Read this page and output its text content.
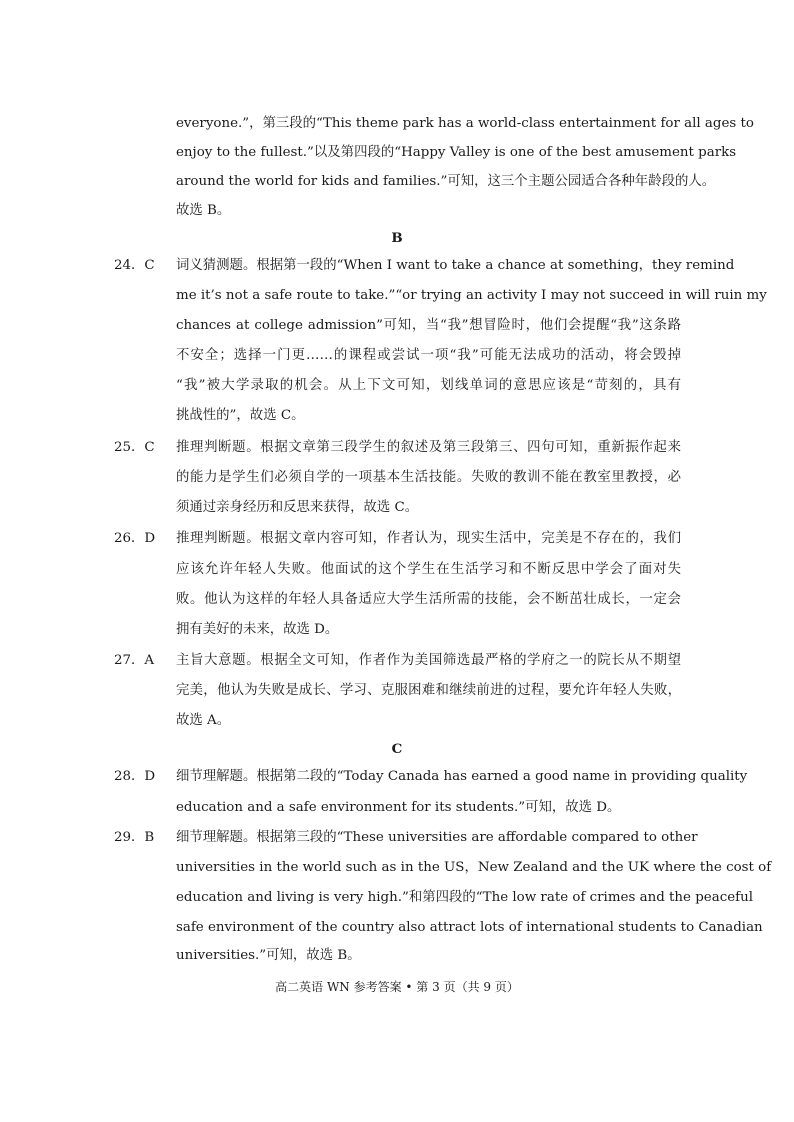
everyone.”，第三段的“This theme park has a world-class entertainment for all ages to
enjoy to the fullest.”以及第四段的“Happy Valley is one of the best amusement parks
around the world for kids and families.”可知，这三个主题公园适合各种年龄段的人。
故选 B。
B
24．C 词义猜测题。根据第一段的“When I want to take a chance at something，they remind
me it’s not a safe route to take.”“or trying an activity I may not succeed in will ruin my
chances at college admission”可知，当“我”想冒险时，他们会提醒“我”这条路
不安全；选择一门更……的课程或尝试一项“我”可能无法成功的活动，将会毁掉
“我”被大学录取的机会。从上下文可知，划线单词的意思应该是“苛刻的，具有
挑战性的”，故选 C。
25．C 推理判断题。根据文章第三段学生的叙述及第三段第三、四句可知，重新振作起来
的能力是学生们必须自学的一项基本生活技能。失败的教训不能在教室里教授，必
须通过亲身经历和反思来获得，故选 C。
26．D 推理判断题。根据文章内容可知，作者认为，现实生活中，完美是不存在的，我们
应该允许年轻人失败。他面试的这个学生在生活学习和不断反思中学会了面对失
败。他认为这样的年轻人具备适应大学生活所需的技能，会不断茁壮成长，一定会
拥有美好的未来，故选 D。
27．A 主旨大意题。根据全文可知，作者作为美国筛选最严格的学府之一的院长从不期望
完美，他认为失败是成长、学习、克服困难和继续前进的过程，要允许年轻人失败，
故选 A。
C
28．D 细节理解题。根据第二段的“Today Canada has earned a good name in providing quality
education and a safe environment for its students.”可知，故选 D。
29．B 细节理解题。根据第三段的“These universities are affordable compared to other
universities in the world such as in the US，New Zealand and the UK where the cost of
education and living is very high.”和第四段的“The low rate of crimes and the peaceful
safe environment of the country also attract lots of international students to Canadian
universities.”可知，故选 B。
高二英语 WN 参考答案 • 第 3 页（共 9 页）
